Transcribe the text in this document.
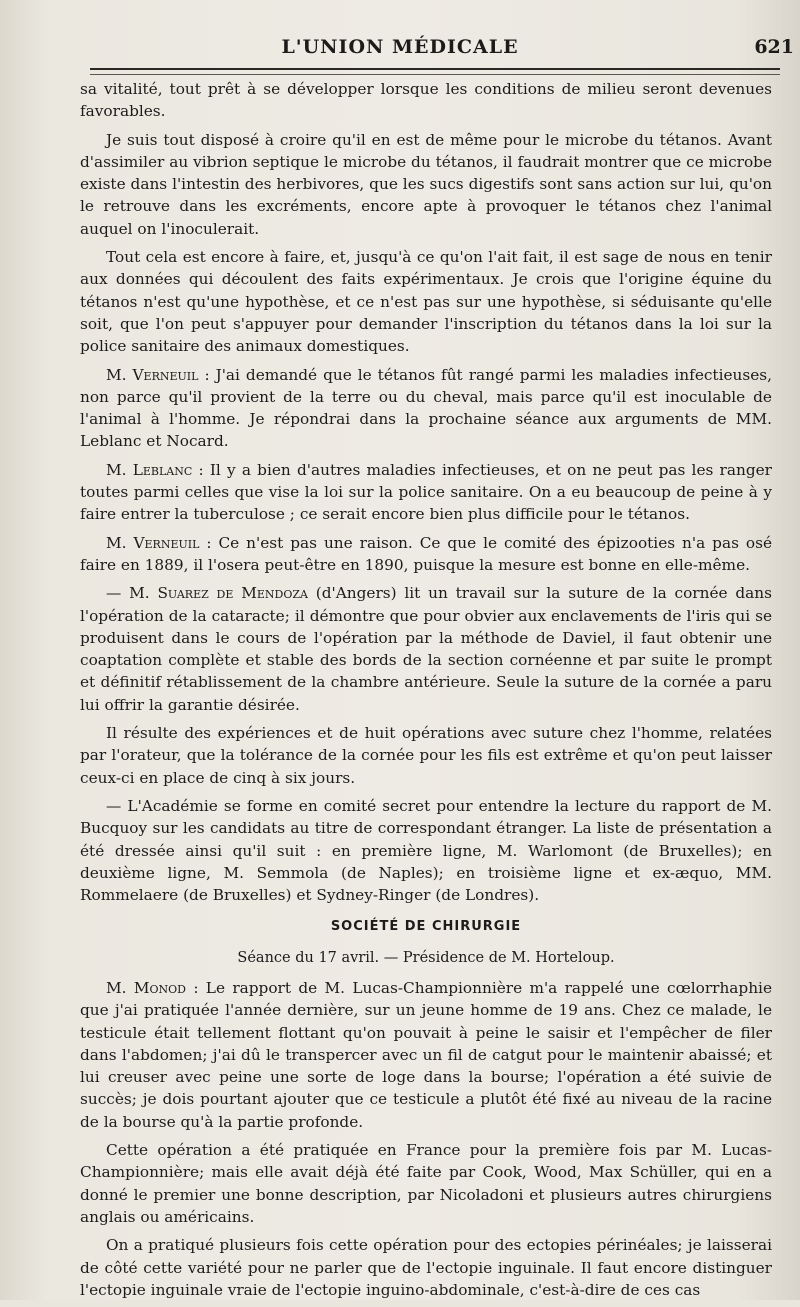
L'UNION MÉDICALE	621

sa vitalité, tout prêt à se développer lorsque les conditions de milieu seront devenues favorables.

Je suis tout disposé à croire qu'il en est de même pour le microbe du tétanos. Avant d'assimiler au vibrion septique le microbe du tétanos, il faudrait montrer que ce microbe existe dans l'intestin des herbivores, que les sucs digestifs sont sans action sur lui, qu'on le retrouve dans les excréments, encore apte à provoquer le tétanos chez l'animal auquel on l'inoculerait.

Tout cela est encore à faire, et, jusqu'à ce qu'on l'ait fait, il est sage de nous en tenir aux données qui découlent des faits expérimentaux. Je crois que l'origine équine du tétanos n'est qu'une hypothèse, et ce n'est pas sur une hypothèse, si séduisante qu'elle soit, que l'on peut s'appuyer pour demander l'inscription du tétanos dans la loi sur la police sanitaire des animaux domestiques.

M. Verneuil : J'ai demandé que le tétanos fût rangé parmi les maladies infectieuses, non parce qu'il provient de la terre ou du cheval, mais parce qu'il est inoculable de l'animal à l'homme. Je répondrai dans la prochaine séance aux arguments de MM. Leblanc et Nocard.

M. Leblanc : Il y a bien d'autres maladies infectieuses, et on ne peut pas les ranger toutes parmi celles que vise la loi sur la police sanitaire. On a eu beaucoup de peine à y faire entrer la tuberculose ; ce serait encore bien plus difficile pour le tétanos.

M. Verneuil : Ce n'est pas une raison. Ce que le comité des épizooties n'a pas osé faire en 1889, il l'osera peut-être en 1890, puisque la mesure est bonne en elle-même.

— M. Suarez de Mendoza (d'Angers) lit un travail sur la suture de la cornée dans l'opération de la cataracte; il démontre que pour obvier aux enclavements de l'iris qui se produisent dans le cours de l'opération par la méthode de Daviel, il faut obtenir une coaptation complète et stable des bords de la section cornéenne et par suite le prompt et définitif rétablissement de la chambre antérieure. Seule la suture de la cornée a paru lui offrir la garantie désirée.

Il résulte des expériences et de huit opérations avec suture chez l'homme, relatées par l'orateur, que la tolérance de la cornée pour les fils est extrême et qu'on peut laisser ceux-ci en place de cinq à six jours.

— L'Académie se forme en comité secret pour entendre la lecture du rapport de M. Bucquoy sur les candidats au titre de correspondant étranger. La liste de présentation a été dressée ainsi qu'il suit : en première ligne, M. Warlomont (de Bruxelles); en deuxième ligne, M. Semmola (de Naples); en troisième ligne et ex-æquo, MM. Rommelaere (de Bruxelles) et Sydney-Ringer (de Londres).

SOCIÉTÉ DE CHIRURGIE
Séance du 17 avril. — Présidence de M. Horteloup.

M. Monod : Le rapport de M. Lucas-Championnière m'a rappelé une cœlorrhaphie que j'ai pratiquée l'année dernière, sur un jeune homme de 19 ans. Chez ce malade, le testicule était tellement flottant qu'on pouvait à peine le saisir et l'empêcher de filer dans l'abdomen; j'ai dû le transpercer avec un fil de catgut pour le maintenir abaissé; et lui creuser avec peine une sorte de loge dans la bourse; l'opération a été suivie de succès; je dois pourtant ajouter que ce testicule a plutôt été fixé au niveau de la racine de la bourse qu'à la partie profonde.

Cette opération a été pratiquée en France pour la première fois par M. Lucas-Championnière; mais elle avait déjà été faite par Cook, Wood, Max Schüller, qui en a donné le premier une bonne description, par Nicoladoni et plusieurs autres chirurgiens anglais ou américains.

On a pratiqué plusieurs fois cette opération pour des ectopies périnéales; je laisserai de côté cette variété pour ne parler que de l'ectopie inguinale. Il faut encore distinguer l'ectopie inguinale vraie de l'ectopie inguino-abdominale, c'est-à-dire de ces cas
